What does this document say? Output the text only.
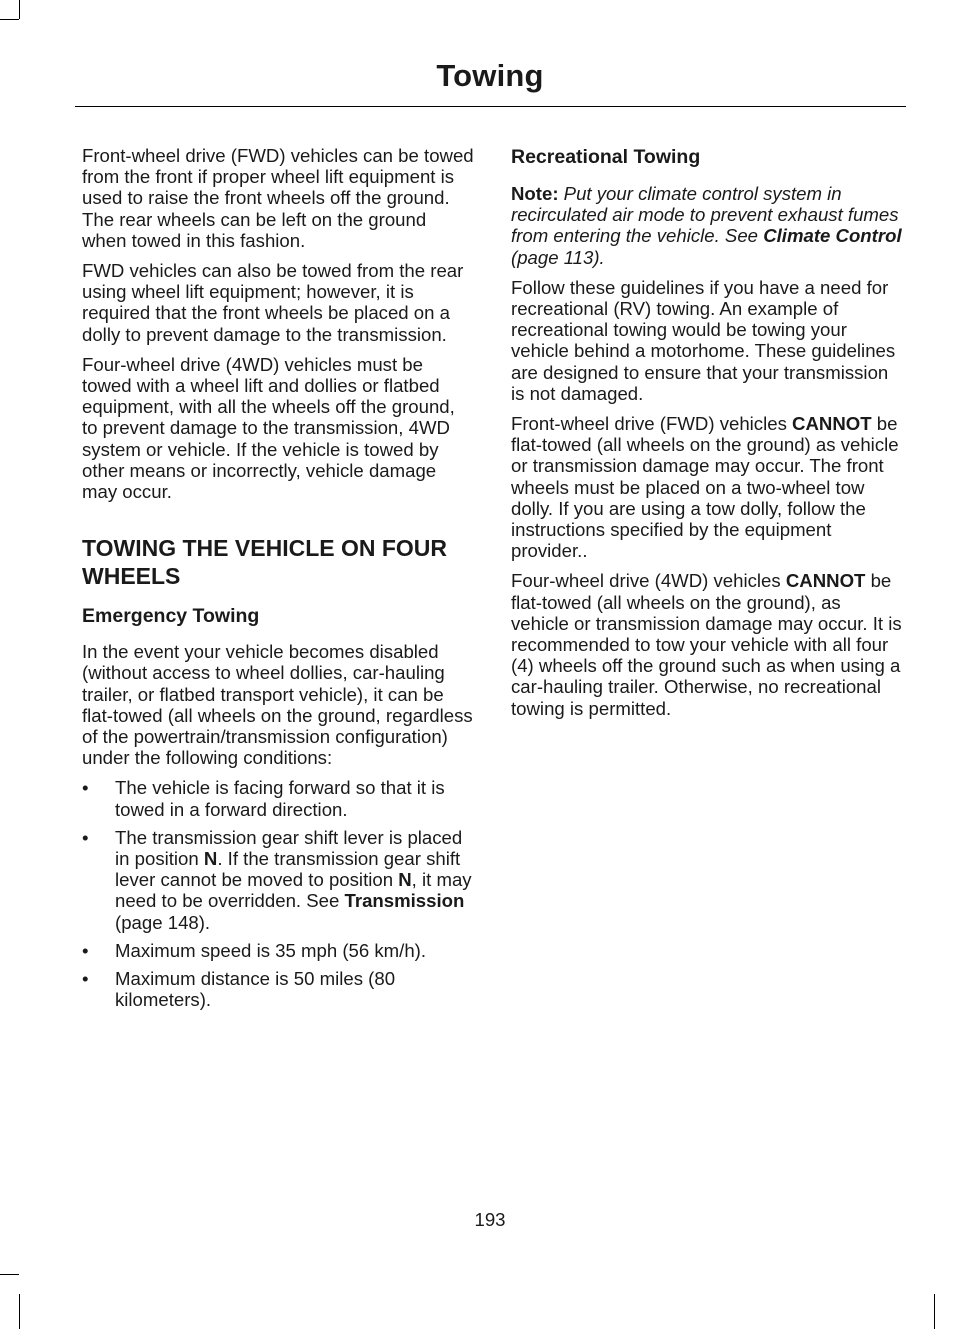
Towing

Front-wheel drive (FWD) vehicles can be towed from the front if proper wheel lift equipment is used to raise the front wheels off the ground. The rear wheels can be left on the ground when towed in this fashion.

FWD vehicles can also be towed from the rear using wheel lift equipment; however, it is required that the front wheels be placed on a dolly to prevent damage to the transmission.

Four-wheel drive (4WD) vehicles must be towed with a wheel lift and dollies or flatbed equipment, with all the wheels off the ground, to prevent damage to the transmission, 4WD system or vehicle. If the vehicle is towed by other means or incorrectly, vehicle damage may occur.

TOWING THE VEHICLE ON FOUR WHEELS
Emergency Towing

In the event your vehicle becomes disabled (without access to wheel dollies, car-hauling trailer, or flatbed transport vehicle), it can be flat-towed (all wheels on the ground, regardless of the powertrain/transmission configuration) under the following conditions:

• The vehicle is facing forward so that it is towed in a forward direction.
• The transmission gear shift lever is placed in position N. If the transmission gear shift lever cannot be moved to position N, it may need to be overridden. See Transmission (page 148).
• Maximum speed is 35 mph (56 km/h).
• Maximum distance is 50 miles (80 kilometers).
Recreational Towing

Note: Put your climate control system in recirculated air mode to prevent exhaust fumes from entering the vehicle. See Climate Control (page 113).

Follow these guidelines if you have a need for recreational (RV) towing. An example of recreational towing would be towing your vehicle behind a motorhome. These guidelines are designed to ensure that your transmission is not damaged.

Front-wheel drive (FWD) vehicles CANNOT be flat-towed (all wheels on the ground) as vehicle or transmission damage may occur. The front wheels must be placed on a two-wheel tow dolly. If you are using a tow dolly, follow the instructions specified by the equipment provider..

Four-wheel drive (4WD) vehicles CANNOT be flat-towed (all wheels on the ground), as vehicle or transmission damage may occur. It is recommended to tow your vehicle with all four (4) wheels off the ground such as when using a car-hauling trailer. Otherwise, no recreational towing is permitted.

193
